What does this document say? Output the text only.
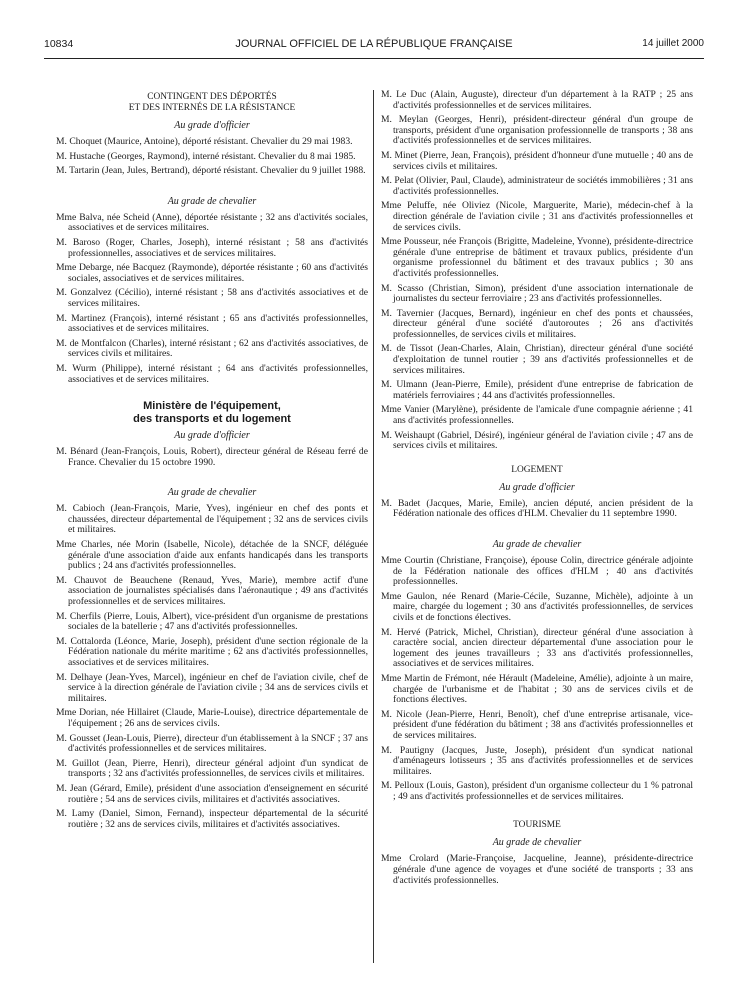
10834	JOURNAL OFFICIEL DE LA RÉPUBLIQUE FRANÇAISE	14 juillet 2000
CONTINGENT DES DÉPORTÉS
ET DES INTERNÉS DE LA RÉSISTANCE
Au grade d'officier

M. Choquet (Maurice, Antoine), déporté résistant. Chevalier du 29 mai 1983.

M. Hustache (Georges, Raymond), interné résistant. Chevalier du 8 mai 1985.

M. Tartarin (Jean, Jules, Bertrand), déporté résistant. Chevalier du 9 juillet 1988.

Au grade de chevalier

Mme Balva, née Scheid (Anne), déportée résistante ; 32 ans d'activités sociales, associatives et de services militaires.

M. Baroso (Roger, Charles, Joseph), interné résistant ; 58 ans d'activités professionnelles, associatives et de services militaires.

Mme Debarge, née Bacquez (Raymonde), déportée résistante ; 60 ans d'activités sociales, associatives et de services militaires.

M. Gonzalvez (Cécilio), interné résistant ; 58 ans d'activités associatives et de services militaires.

M. Martinez (François), interné résistant ; 65 ans d'activités professionnelles, associatives et de services militaires.

M. de Montfalcon (Charles), interné résistant ; 62 ans d'activités associatives, de services civils et militaires.

M. Wurm (Philippe), interné résistant ; 64 ans d'activités professionnelles, associatives et de services militaires.

Ministère de l'équipement,
des transports et du logement
Au grade d'officier

M. Bénard (Jean-François, Louis, Robert), directeur général de Réseau ferré de France. Chevalier du 15 octobre 1990.

Au grade de chevalier

M. Cabioch (Jean-François, Marie, Yves), ingénieur en chef des ponts et chaussées, directeur départemental de l'équipement ; 32 ans de services civils et militaires.

Mme Charles, née Morin (Isabelle, Nicole), détachée de la SNCF, déléguée générale d'une association d'aide aux enfants handicapés dans les transports publics ; 24 ans d'activités professionnelles.

M. Chauvot de Beauchene (Renaud, Yves, Marie), membre actif d'une association de journalistes spécialisés dans l'aéronautique ; 49 ans d'activités professionnelles et de services militaires.

M. Cherfils (Pierre, Louis, Albert), vice-président d'un organisme de prestations sociales de la batellerie ; 47 ans d'activités professionnelles.

M. Cottalorda (Léonce, Marie, Joseph), président d'une section régionale de la Fédération nationale du mérite maritime ; 62 ans d'activités professionnelles, associatives et de services militaires.

M. Delhaye (Jean-Yves, Marcel), ingénieur en chef de l'aviation civile, chef de service à la direction générale de l'aviation civile ; 34 ans de services civils et militaires.

Mme Dorian, née Hillairet (Claude, Marie-Louise), directrice départementale de l'équipement ; 26 ans de services civils.

M. Gousset (Jean-Louis, Pierre), directeur d'un établissement à la SNCF ; 37 ans d'activités professionnelles et de services militaires.

M. Guillot (Jean, Pierre, Henri), directeur général adjoint d'un syndicat de transports ; 32 ans d'activités professionnelles, de services civils et militaires.

M. Jean (Gérard, Emile), président d'une association d'enseignement en sécurité routière ; 54 ans de services civils, militaires et d'activités associatives.

M. Lamy (Daniel, Simon, Fernand), inspecteur départemental de la sécurité routière ; 32 ans de services civils, militaires et d'activités associatives.

M. Le Duc (Alain, Auguste), directeur d'un département à la RATP ; 25 ans d'activités professionnelles et de services militaires.

M. Meylan (Georges, Henri), président-directeur général d'un groupe de transports, président d'une organisation professionnelle de transports ; 38 ans d'activités professionnelles et de services militaires.

M. Minet (Pierre, Jean, François), président d'honneur d'une mutuelle ; 40 ans de services civils et militaires.

M. Pelat (Olivier, Paul, Claude), administrateur de sociétés immobilières ; 31 ans d'activités professionnelles.

Mme Peluffe, née Oliviez (Nicole, Marguerite, Marie), médecin-chef à la direction générale de l'aviation civile ; 31 ans d'activités professionnelles et de services civils.

Mme Pousseur, née François (Brigitte, Madeleine, Yvonne), présidente-directrice générale d'une entreprise de bâtiment et travaux publics, présidente d'un organisme professionnel du bâtiment et des travaux publics ; 30 ans d'activités professionnelles.

M. Scasso (Christian, Simon), président d'une association internationale de journalistes du secteur ferroviaire ; 23 ans d'activités professionnelles.

M. Tavernier (Jacques, Bernard), ingénieur en chef des ponts et chaussées, directeur général d'une société d'autoroutes ; 26 ans d'activités professionnelles, de services civils et militaires.

M. de Tissot (Jean-Charles, Alain, Christian), directeur général d'une société d'exploitation de tunnel routier ; 39 ans d'activités professionnelles et de services militaires.

M. Ulmann (Jean-Pierre, Emile), président d'une entreprise de fabrication de matériels ferroviaires ; 44 ans d'activités professionnelles.

Mme Vanier (Marylène), présidente de l'amicale d'une compagnie aérienne ; 41 ans d'activités professionnelles.

M. Weishaupt (Gabriel, Désiré), ingénieur général de l'aviation civile ; 47 ans de services civils et militaires.

LOGEMENT
Au grade d'officier

M. Badet (Jacques, Marie, Emile), ancien député, ancien président de la Fédération nationale des offices d'HLM. Chevalier du 11 septembre 1990.

Au grade de chevalier

Mme Courtin (Christiane, Françoise), épouse Colin, directrice générale adjointe de la Fédération nationale des offices d'HLM ; 40 ans d'activités professionnelles.

Mme Gaulon, née Renard (Marie-Cécile, Suzanne, Michèle), adjointe à un maire, chargée du logement ; 30 ans d'activités professionnelles, de services civils et de fonctions électives.

M. Hervé (Patrick, Michel, Christian), directeur général d'une association à caractère social, ancien directeur départemental d'une association pour le logement des jeunes travailleurs ; 33 ans d'activités professionnelles, associatives et de services militaires.

Mme Martin de Frémont, née Hérault (Madeleine, Amélie), adjointe à un maire, chargée de l'urbanisme et de l'habitat ; 30 ans de services civils et de fonctions électives.

M. Nicole (Jean-Pierre, Henri, Benoît), chef d'une entreprise artisanale, vice-président d'une fédération du bâtiment ; 38 ans d'activités professionnelles et de services militaires.

M. Pautigny (Jacques, Juste, Joseph), président d'un syndicat national d'aménageurs lotisseurs ; 35 ans d'activités professionnelles et de services militaires.

M. Pelloux (Louis, Gaston), président d'un organisme collecteur du 1 % patronal ; 49 ans d'activités professionnelles et de services militaires.

TOURISME
Au grade de chevalier

Mme Crolard (Marie-Françoise, Jacqueline, Jeanne), présidente-directrice générale d'une agence de voyages et d'une société de transports ; 33 ans d'activités professionnelles.
